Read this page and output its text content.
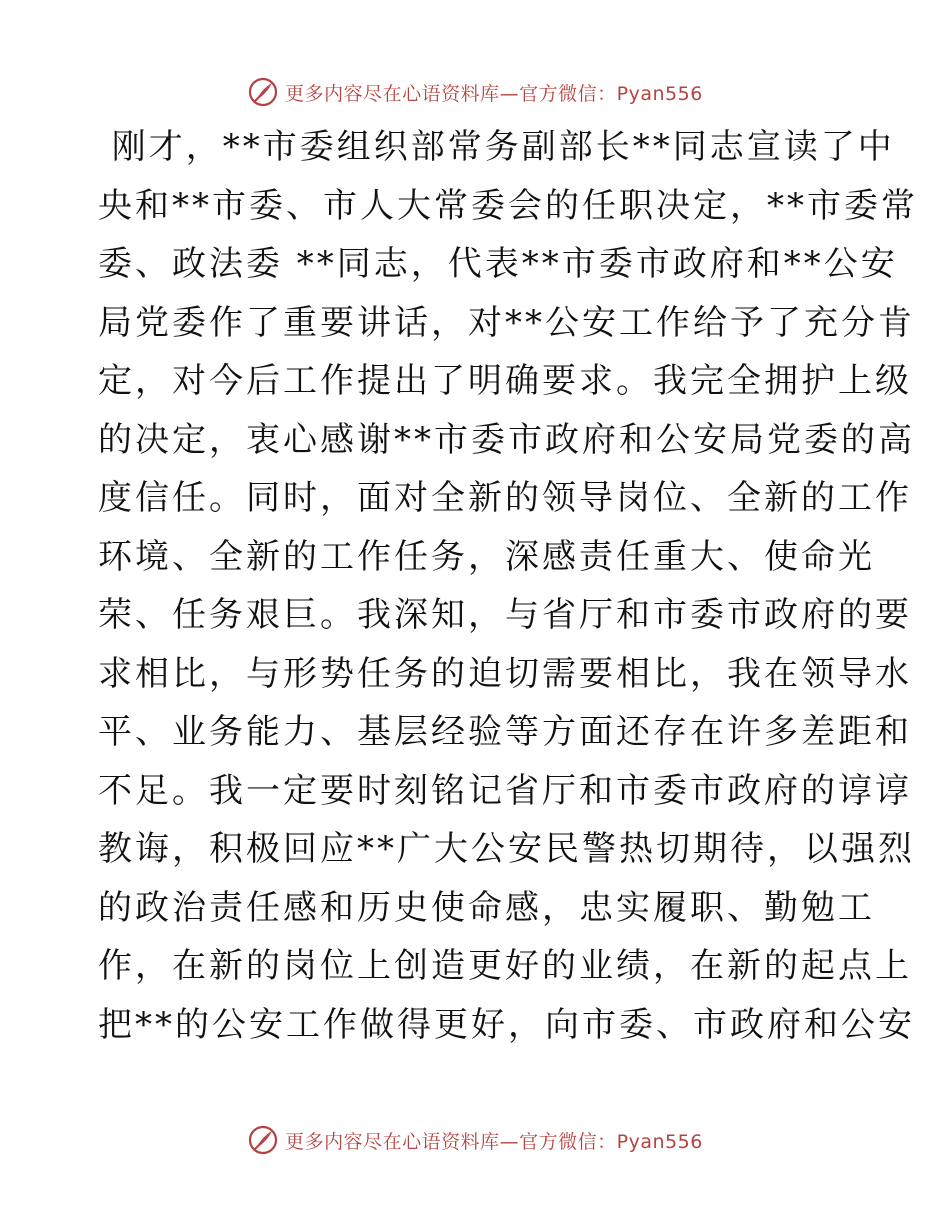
更多内容尽在心语资料库—官方微信：Pyan556
刚才，**市委组织部常务副部长**同志宣读了中
央和**市委、市人大常委会的任职决定，**市委常
委、政法委 **同志，代表**市委市政府和**公安
局党委作了重要讲话，对**公安工作给予了充分肯
定，对今后工作提出了明确要求。我完全拥护上级
的决定，衷心感谢**市委市政府和公安局党委的高
度信任。同时，面对全新的领导岗位、全新的工作
环境、全新的工作任务，深感责任重大、使命光
荣、任务艰巨。我深知，与省厅和市委市政府的要
求相比，与形势任务的迫切需要相比，我在领导水
平、业务能力、基层经验等方面还存在许多差距和
不足。我一定要时刻铭记省厅和市委市政府的谆谆
教诲，积极回应**广大公安民警热切期待，以强烈
的政治责任感和历史使命感，忠实履职、勤勉工
作，在新的岗位上创造更好的业绩，在新的起点上
把**的公安工作做得更好，向市委、市政府和公安
更多内容尽在心语资料库—官方微信：Pyan556
